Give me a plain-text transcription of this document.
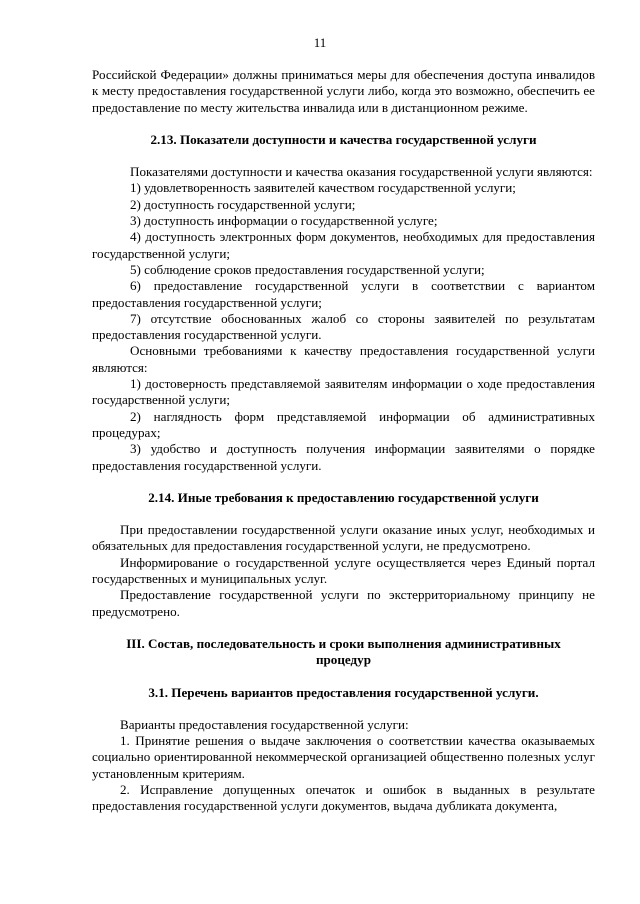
11

Российской Федерации» должны приниматься меры для обеспечения доступа инвалидов к месту предоставления государственной услуги либо, когда это возможно, обеспечить ее предоставление по месту жительства инвалида или в дистанционном режиме.

2.13. Показатели доступности и качества государственной услуги

Показателями доступности и качества оказания государственной услуги являются:

1) удовлетворенность заявителей качеством государственной услуги;

2) доступность государственной услуги;

3) доступность информации о государственной услуге;

4) доступность электронных форм документов, необходимых для предоставления государственной услуги;

5) соблюдение сроков предоставления государственной услуги;

6) предоставление государственной услуги в соответствии с вариантом предоставления государственной услуги;

7) отсутствие обоснованных жалоб со стороны заявителей по результатам предоставления государственной услуги.

Основными требованиями к качеству предоставления государственной услуги являются:

1) достоверность представляемой заявителям информации о ходе предоставления государственной услуги;

2) наглядность форм представляемой информации об административных процедурах;

3) удобство и доступность получения информации заявителями о порядке предоставления государственной услуги.

2.14. Иные требования к предоставлению государственной услуги

При предоставлении государственной услуги оказание иных услуг, необходимых и обязательных для предоставления государственной услуги, не предусмотрено.

Информирование о государственной услуге осуществляется через Единый портал государственных и муниципальных услуг.

Предоставление государственной услуги по экстерриториальному принципу не предусмотрено.

III. Состав, последовательность и сроки выполнения административных

процедур

3.1. Перечень вариантов предоставления государственной услуги.

Варианты предоставления государственной услуги:

1. Принятие решения о выдаче заключения о соответствии качества оказываемых социально ориентированной некоммерческой организацией общественно полезных услуг установленным критериям.

2. Исправление допущенных опечаток и ошибок в выданных в результате предоставления государственной услуги документов, выдача дубликата документа,
